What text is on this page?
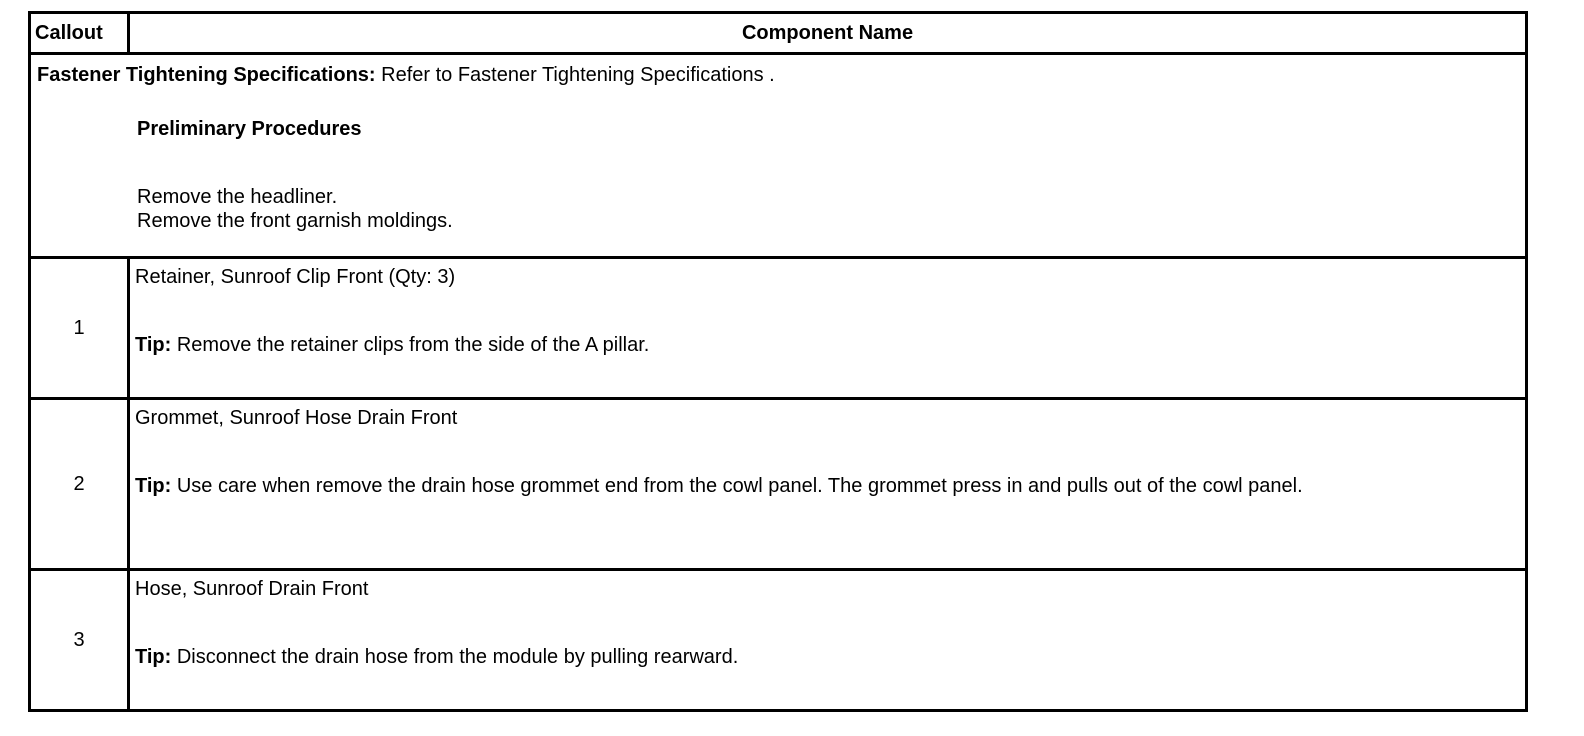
Callout	Component Name

Fastener Tightening Specifications: Refer to Fastener Tightening Specifications .
Preliminary Procedures
Remove the headliner.
Remove the front garnish moldings.	

1	Retainer, Sunroof Clip Front (Qty: 3)
Tip: Remove the retainer clips from the side of the A pillar.

2	Grommet, Sunroof Hose Drain Front
Tip: Use care when remove the drain hose grommet end from the cowl panel. The grommet press in and pulls out of the cowl panel.

3	Hose, Sunroof Drain Front
Tip: Disconnect the drain hose from the module by pulling rearward.
